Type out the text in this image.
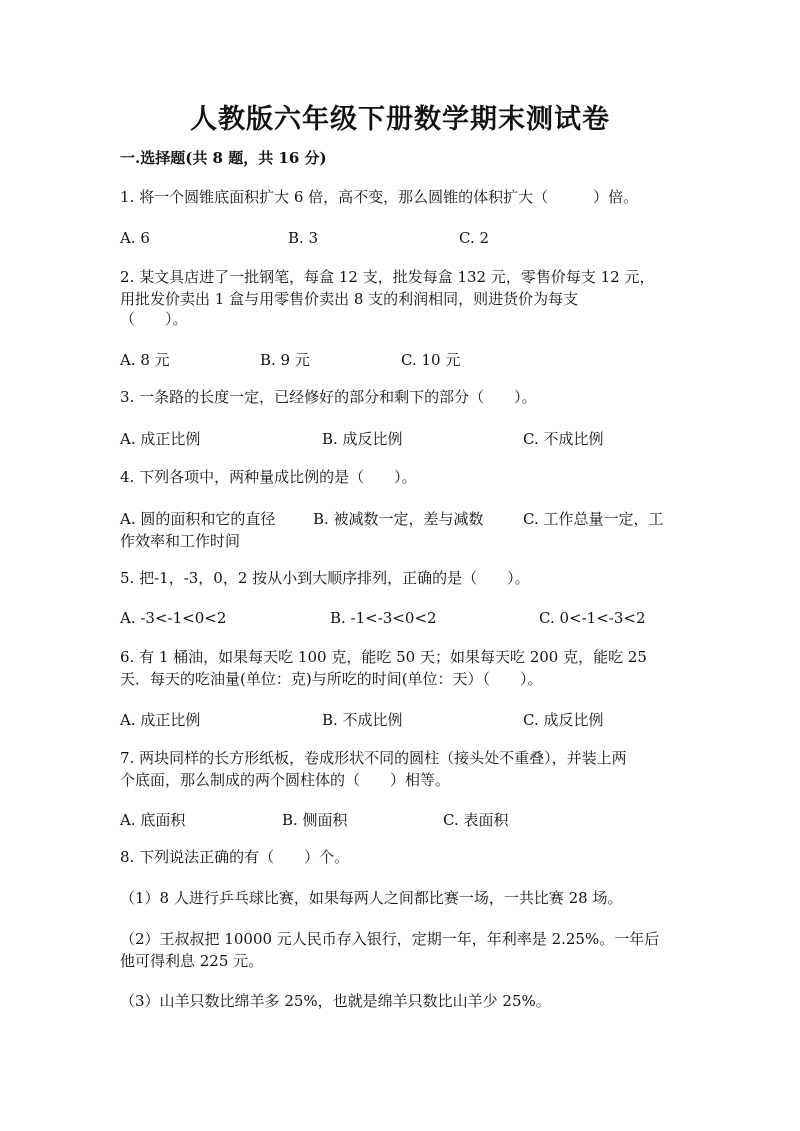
人教版六年级下册数学期末测试卷
一.选择题(共 8 题，共 16 分)
1. 将一个圆锥底面积扩大 6 倍，高不变，那么圆锥的体积扩大（　　　）倍。
A. 6	B. 3	C. 2
2. 某文具店进了一批钢笔，每盒 12 支，批发每盒 132 元，零售价每支 12 元，
用批发价卖出 1 盒与用零售价卖出 8 支的利润相同，则进货价为每支
（　　）。
A. 8 元	B. 9 元	C. 10 元
3. 一条路的长度一定，已经修好的部分和剩下的部分（　　）。
A. 成正比例	B. 成反比例	C. 不成比例
4. 下列各项中，两种量成比例的是（　　）。
A. 圆的面积和它的直径	B. 被减数一定，差与减数	C. 工作总量一定，工
作效率和工作时间
5. 把-1，-3，0，2 按从小到大顺序排列，正确的是（　　）。
A. -3<-1<0<2	B. -1<-3<0<2	C. 0<-1<-3<2
6. 有 1 桶油，如果每天吃 100 克，能吃 50 天；如果每天吃 200 克，能吃 25
天．每天的吃油量(单位：克)与所吃的时间(单位：天）（　　）。
A. 成正比例	B. 不成比例	C. 成反比例
7. 两块同样的长方形纸板，卷成形状不同的圆柱（接头处不重叠），并装上两
个底面，那么制成的两个圆柱体的（　　）相等。
A. 底面积	B. 侧面积	C. 表面积
8. 下列说法正确的有（　　）个。
（1）8 人进行乒乓球比赛，如果每两人之间都比赛一场，一共比赛 28 场。
（2）王叔叔把 10000 元人民币存入银行，定期一年，年利率是 2.25%。一年后
他可得利息 225 元。
（3）山羊只数比绵羊多 25%，也就是绵羊只数比山羊少 25%。
